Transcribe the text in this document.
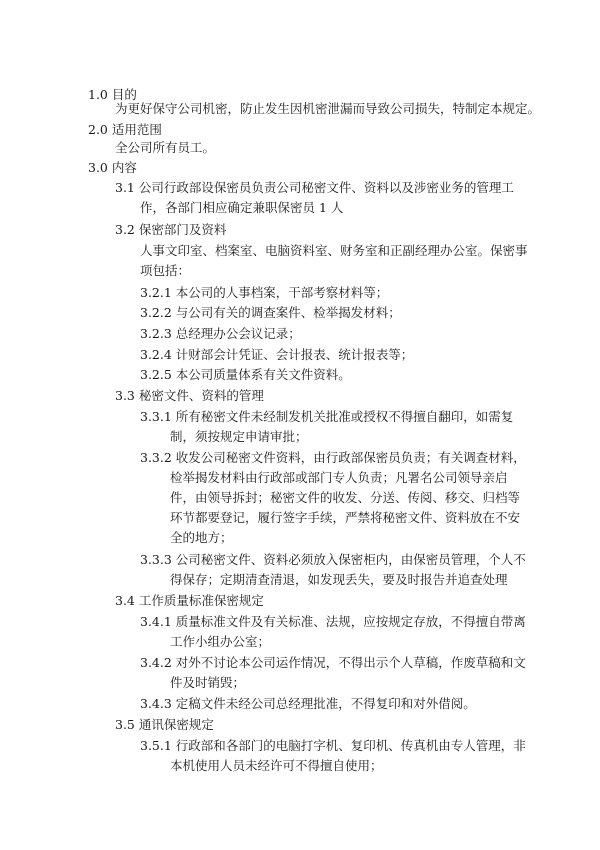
1.0 目的
为更好保守公司机密，防止发生因机密泄漏而导致公司损失，特制定本规定。
2.0 适用范围
全公司所有员工。
3.0 内容
3.1 公司行政部设保密员负责公司秘密文件、资料以及涉密业务的管理工
作，各部门相应确定兼职保密员 1 人
3.2 保密部门及资料
人事文印室、档案室、电脑资料室、财务室和正副经理办公室。保密事
项包括：
3.2.1 本公司的人事档案，干部考察材料等；
3.2.2 与公司有关的调查案件、检举揭发材料；
3.2.3 总经理办公会议记录；
3.2.4 计财部会计凭证、会计报表、统计报表等；
3.2.5 本公司质量体系有关文件资料。
3.3 秘密文件、资料的管理
3.3.1 所有秘密文件未经制发机关批准或授权不得擅自翻印，如需复
制，须按规定申请审批；
3.3.2 收发公司秘密文件资料，由行政部保密员负责；有关调查材料，
检举揭发材料由行政部或部门专人负责；凡署名公司领导亲启
件，由领导拆封；秘密文件的收发、分送、传阅、移交、归档等
环节都要登记，履行签字手续，严禁将秘密文件、资料放在不安
全的地方；
3.3.3 公司秘密文件、资料必须放入保密柜内，由保密员管理，个人不
得保存；定期清查清退，如发现丢失，要及时报告并追查处理
3.4 工作质量标准保密规定
3.4.1 质量标准文件及有关标准、法规，应按规定存放，不得擅自带离
工作小组办公室；
3.4.2 对外不讨论本公司运作情况，不得出示个人草稿，作废草稿和文
件及时销毁；
3.4.3 定稿文件未经公司总经理批准，不得复印和对外借阅。
3.5 通讯保密规定
3.5.1 行政部和各部门的电脑打字机、复印机、传真机由专人管理，非
本机使用人员未经许可不得擅自使用；
